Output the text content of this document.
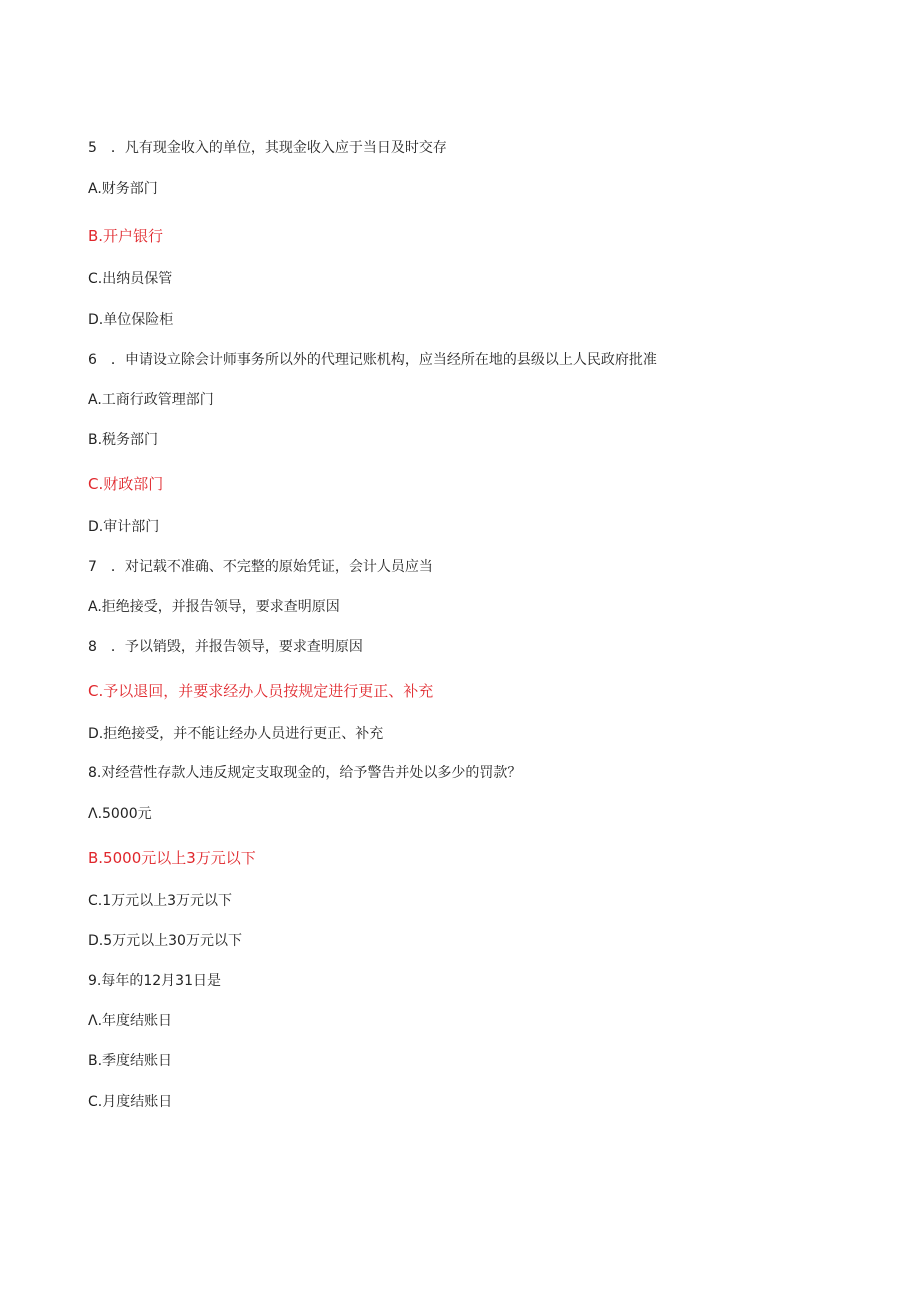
5　．凡有现金收入的单位，其现金收入应于当日及时交存
A.财务部门
B.开户银行
C.出纳员保管
D.单位保险柜
6　．申请设立除会计师事务所以外的代理记账机构，应当经所在地的县级以上人民政府批准
A.工商行政管理部门
B.税务部门
C.财政部门
D.审计部门
7　．对记载不准确、不完整的原始凭证，会计人员应当
A.拒绝接受，并报告领导，要求查明原因
8　．予以销毁，并报告领导，要求查明原因
C.予以退回，并要求经办人员按规定进行更正、补充
D.拒绝接受，并不能让经办人员进行更正、补充
8.对经营性存款人违反规定支取现金的，给予警告并处以多少的罚款？
Λ.5000元
B.5000元以上3万元以下
C.1万元以上3万元以下
D.5万元以上30万元以下
9.每年的12月31日是
Λ.年度结账日
B.季度结账日
C.月度结账日
